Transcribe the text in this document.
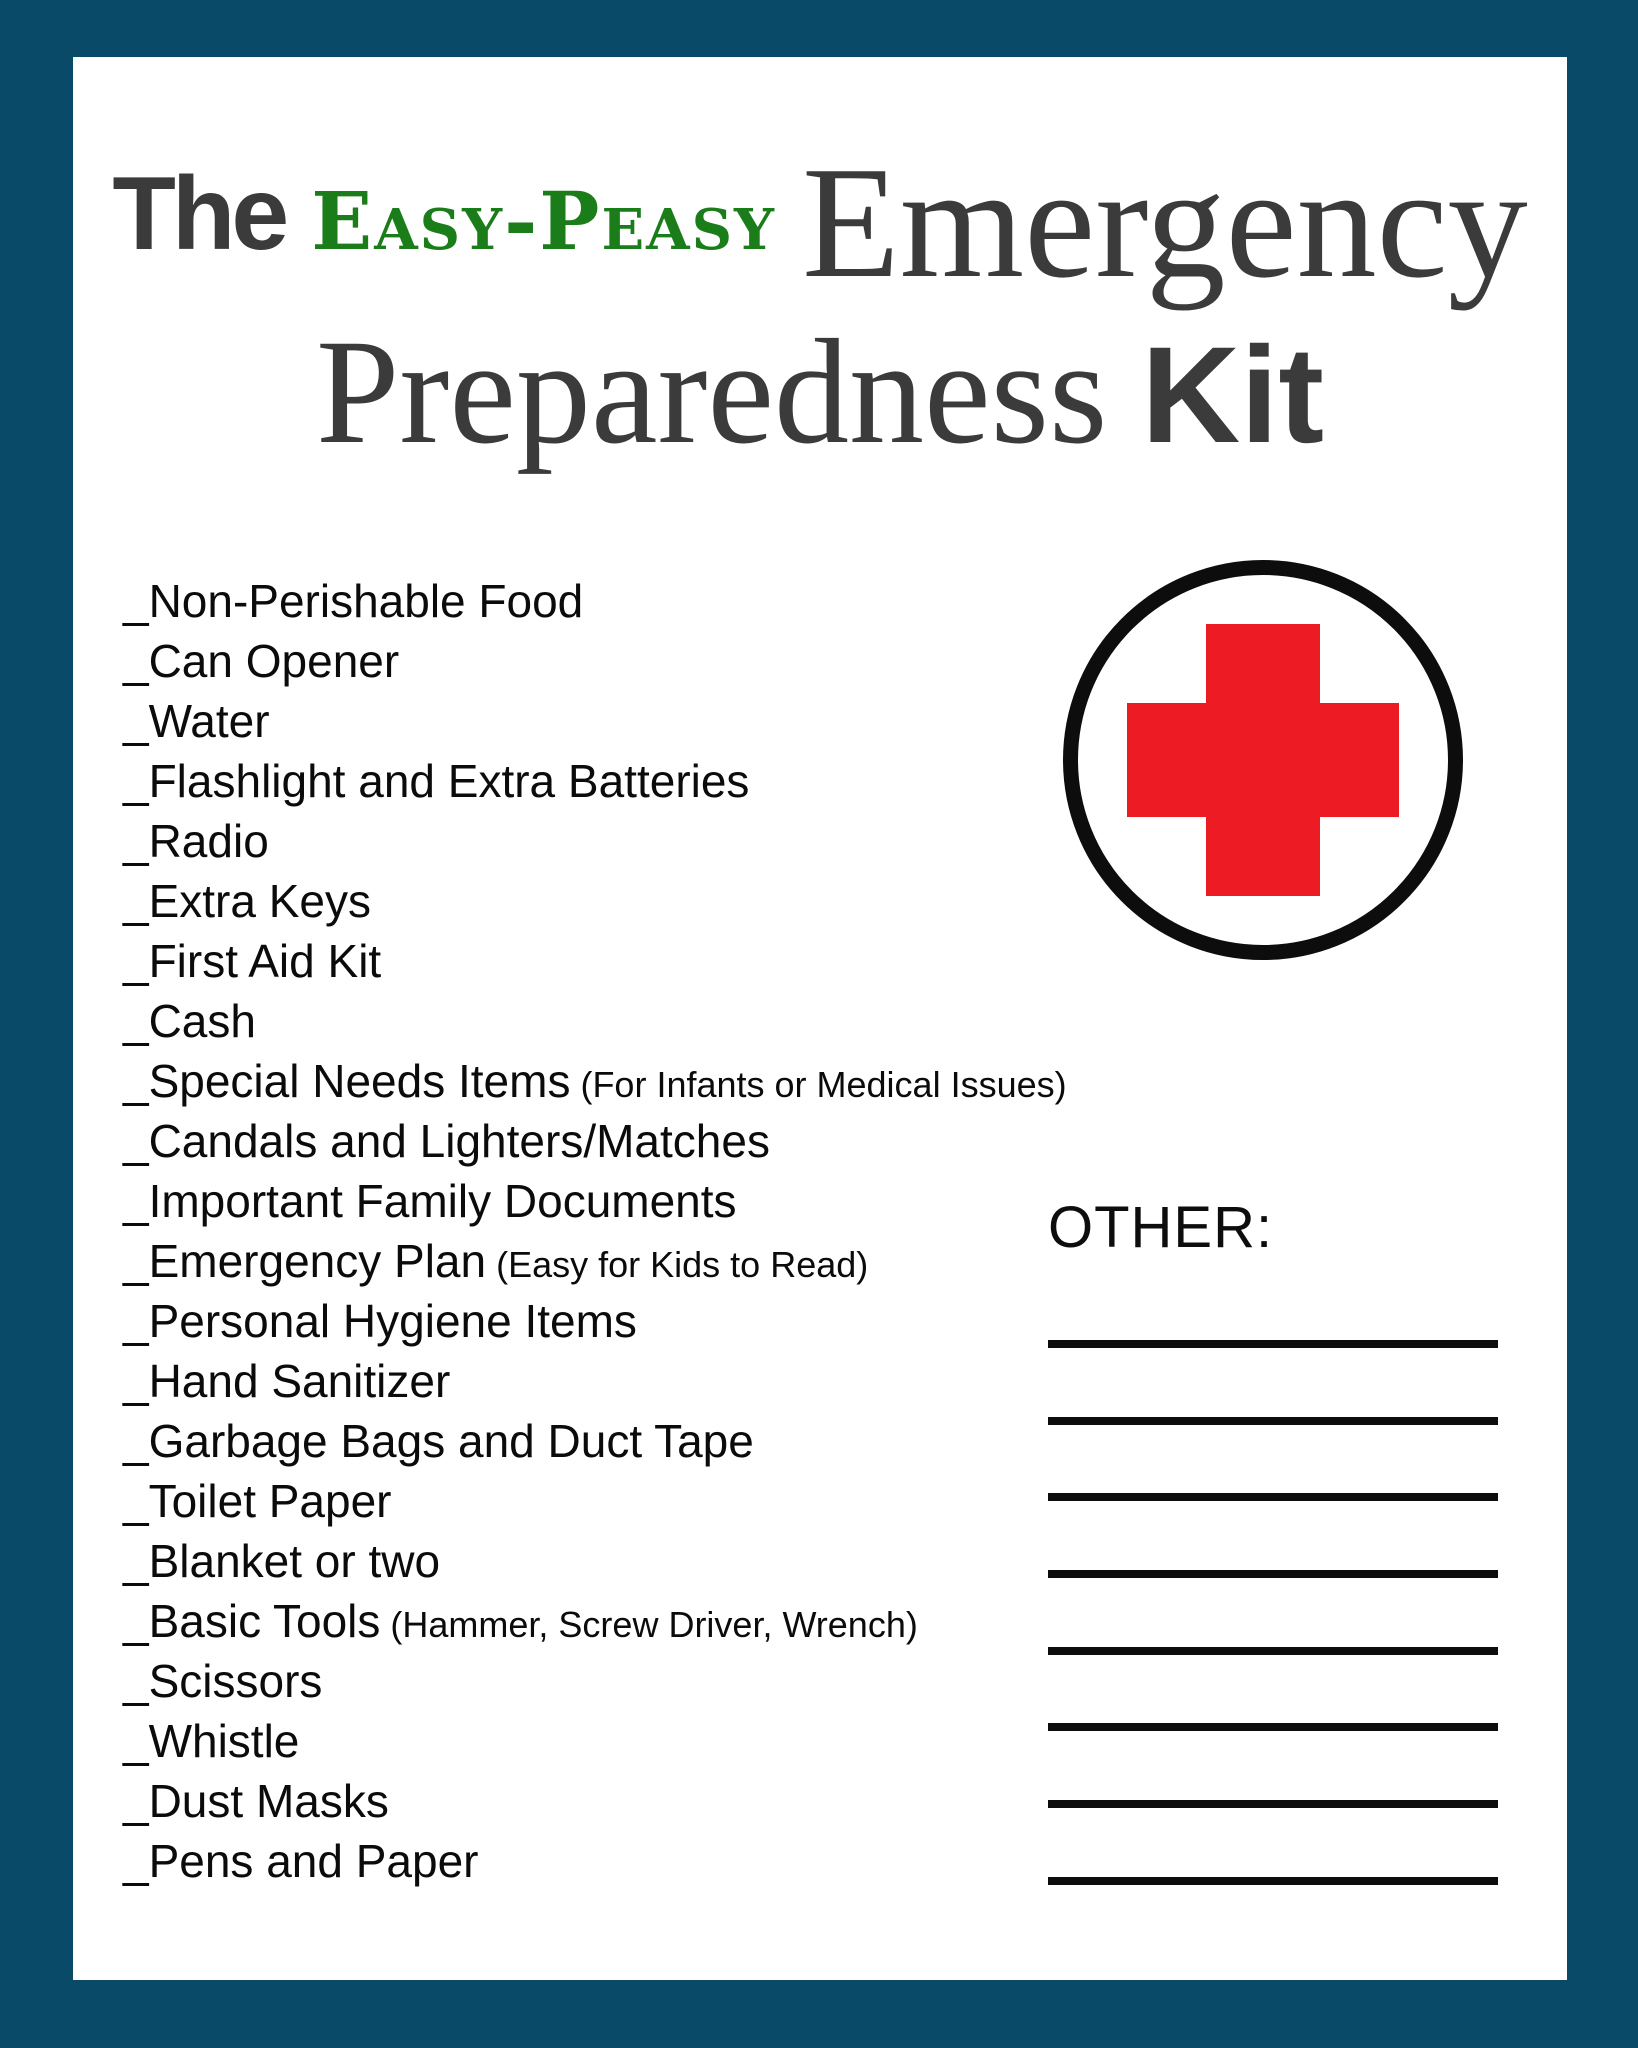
The Easy-Peasy Emergency
Preparedness Kit
_Non-Perishable Food
_Can Opener
_Water
_Flashlight and Extra Batteries
_Radio
_Extra Keys
_First Aid Kit
_Cash
_Special Needs Items (For Infants or Medical Issues)
_Candals and Lighters/Matches
_Important Family Documents
_Emergency Plan (Easy for Kids to Read)
_Personal Hygiene Items
_Hand Sanitizer
_Garbage Bags and Duct Tape
_Toilet Paper
_Blanket or two
_Basic Tools (Hammer, Screw Driver, Wrench)
_Scissors
_Whistle
_Dust Masks
_Pens and Paper
OTHER:
